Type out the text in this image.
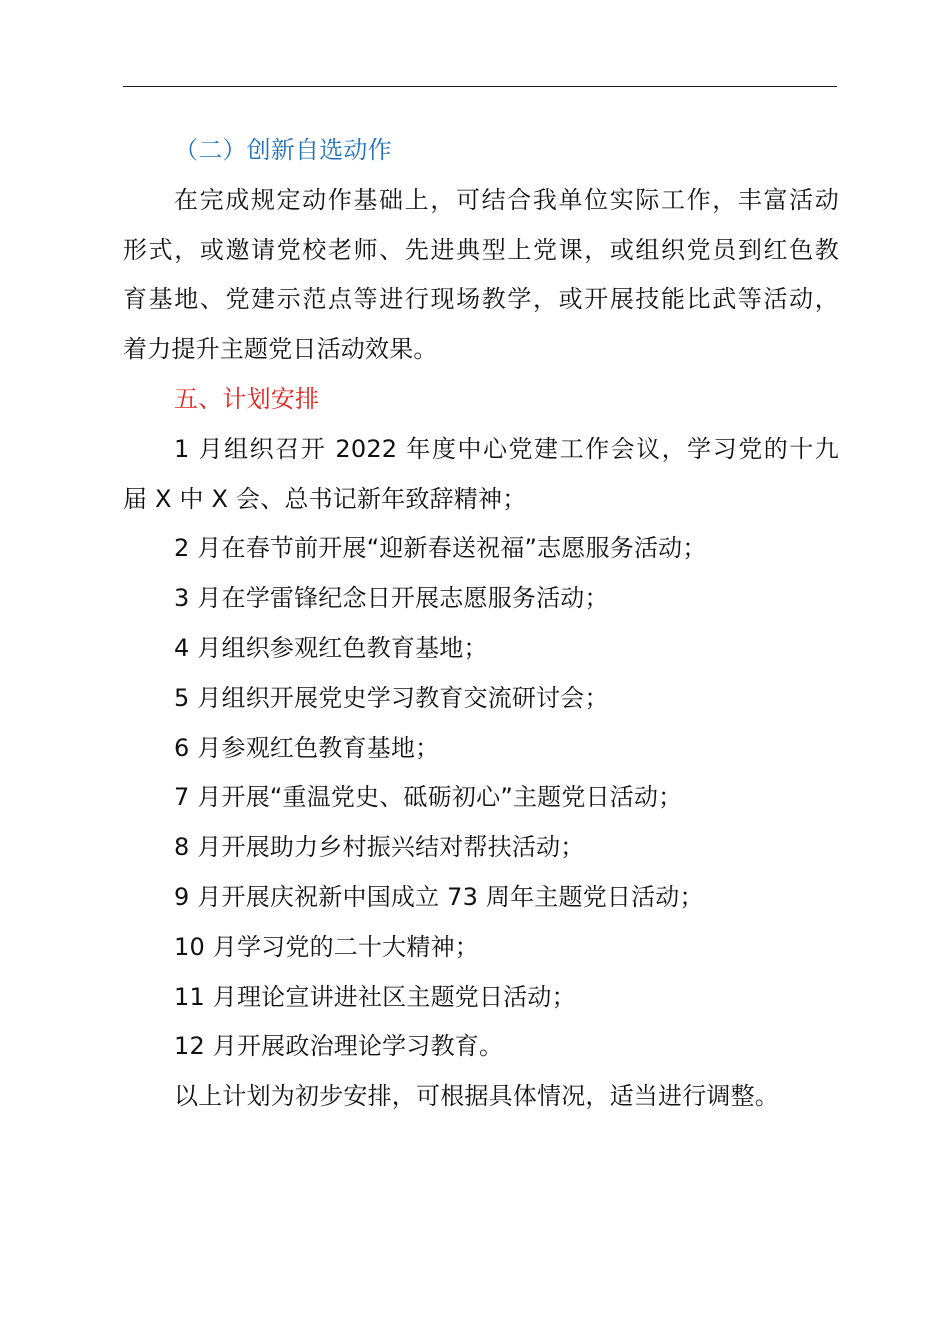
（二）创新自选动作
在完成规定动作基础上，可结合我单位实际工作，丰富活动
形式，或邀请党校老师、先进典型上党课，或组织党员到红色教
育基地、党建示范点等进行现场教学，或开展技能比武等活动，
着力提升主题党日活动效果。
五、计划安排
1 月组织召开 2022 年度中心党建工作会议，学习党的十九
届 X 中 X 会、总书记新年致辞精神；
2 月在春节前开展“迎新春送祝福”志愿服务活动；
3 月在学雷锋纪念日开展志愿服务活动；
4 月组织参观红色教育基地；
5 月组织开展党史学习教育交流研讨会；
6 月参观红色教育基地；
7 月开展“重温党史、砥砺初心”主题党日活动；
8 月开展助力乡村振兴结对帮扶活动；
9 月开展庆祝新中国成立 73 周年主题党日活动；
10 月学习党的二十大精神；
11 月理论宣讲进社区主题党日活动；
12 月开展政治理论学习教育。
以上计划为初步安排，可根据具体情况，适当进行调整。
